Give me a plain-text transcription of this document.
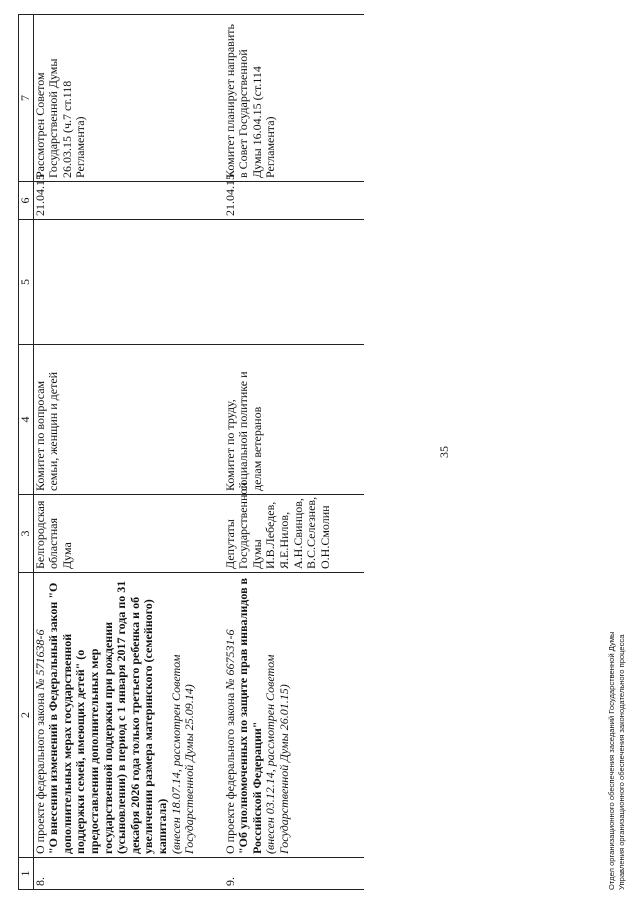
35
1	2	3	4	5	6	7
8.	О проекте федерального закона № 571638-6
"О внесении изменений в Федеральный закон "О дополнительных мерах государственной поддержки семей, имеющих детей" (о предоставлении дополнительных мер государственной поддержки при рождении (усыновлении) в период с 1 января 2017 года по 31 декабря 2026 года только третьего ребенка и об увеличении размера материнского (семейного) капитала)
(внесен 18.07.14, рассмотрен Советом Государственной Думы 25.09.14)	Белгородская областная Дума	Комитет по вопросам семьи, женщин и детей		21.04.15	Рассмотрен Советом Государственной Думы 26.03.15 (ч.7 ст.118 Регламента)
9.	О проекте федерального закона № 667531-6
"Об уполномоченных по защите прав инвалидов в Российской Федерации"
(внесен 03.12.14, рассмотрен Советом Государственной Думы 26.01.15)	Депутаты Государственной Думы И.В.Лебедев, Я.Е.Нилов, А.Н.Свинцов, В.С.Селезнев, О.Н.Смолин	Комитет по труду, социальной политике и делам ветеранов		21.04.15	Комитет планирует направить в Совет Государственной Думы 16.04.15 (ст.114 Регламента)
Отдел организационного обеспечения заседаний Государственной Думы Управления организационного обеспечения законодательного процесса
